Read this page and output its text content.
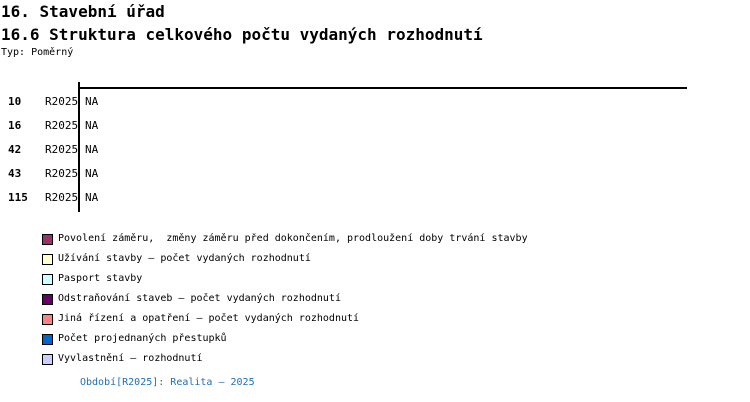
16. Stavební úřad
16.6 Struktura celkového počtu vydaných rozhodnutí
Typ: Poměrný
10 R2025 NA
16 R2025 NA
42 R2025 NA
43 R2025 NA
115 R2025 NA
Povolení záměru,  změny záměru před dokončením, prodloužení doby trvání stavby
Užívání stavby – počet vydaných rozhodnutí
Pasport stavby
Odstraňování staveb – počet vydaných rozhodnutí
Jiná řízení a opatření – počet vydaných rozhodnutí
Počet projednaných přestupků
Vyvlastnění – rozhodnutí
Období[R2025]: Realita – 2025
